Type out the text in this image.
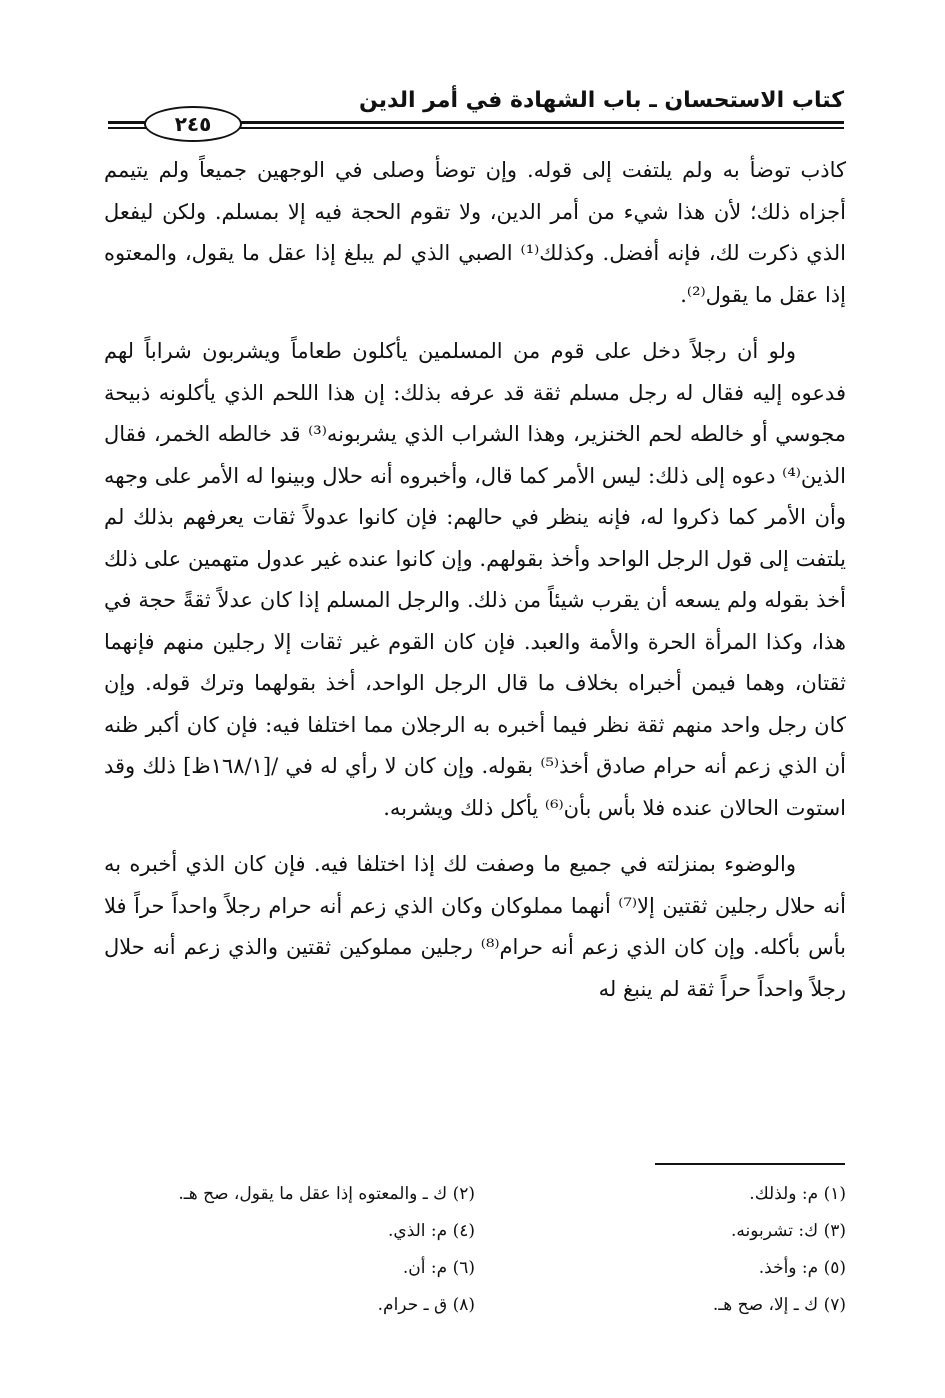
كتاب الاستحسان ـ باب الشهادة في أمر الدين
٢٤٥

كاذب توضأ به ولم يلتفت إلى قوله. وإن توضأ وصلى في الوجهين جميعاً ولم يتيمم أجزاه ذلك؛ لأن هذا شيء من أمر الدين، ولا تقوم الحجة فيه إلا بمسلم. ولكن ليفعل الذي ذكرت لك، فإنه أفضل. وكذلك⁽¹⁾ الصبي الذي لم يبلغ إذا عقل ما يقول، والمعتوه إذا عقل ما يقول⁽²⁾.

ولو أن رجلاً دخل على قوم من المسلمين يأكلون طعاماً ويشربون شراباً لهم فدعوه إليه فقال له رجل مسلم ثقة قد عرفه بذلك: إن هذا اللحم الذي يأكلونه ذبيحة مجوسي أو خالطه لحم الخنزير، وهذا الشراب الذي يشربونه⁽³⁾ قد خالطه الخمر، فقال الذين⁽⁴⁾ دعوه إلى ذلك: ليس الأمر كما قال، وأخبروه أنه حلال وبينوا له الأمر على وجهه وأن الأمر كما ذكروا له، فإنه ينظر في حالهم: فإن كانوا عدولاً ثقات يعرفهم بذلك لم يلتفت إلى قول الرجل الواحد وأخذ بقولهم. وإن كانوا عنده غير عدول متهمين على ذلك أخذ بقوله ولم يسعه أن يقرب شيئاً من ذلك. والرجل المسلم إذا كان عدلاً ثقةً حجة في هذا، وكذا المرأة الحرة والأمة والعبد. فإن كان القوم غير ثقات إلا رجلين منهم فإنهما ثقتان، وهما فيمن أخبراه بخلاف ما قال الرجل الواحد، أخذ بقولهما وترك قوله. وإن كان رجل واحد منهم ثقة نظر فيما أخبره به الرجلان مما اختلفا فيه: فإن كان أكبر ظنه أن الذي زعم أنه حرام صادق أخذ⁽⁵⁾ بقوله. وإن كان لا رأي له في /[١٦٨/١ظ] ذلك وقد استوت الحالان عنده فلا بأس بأن⁽⁶⁾ يأكل ذلك ويشربه.

والوضوء بمنزلته في جميع ما وصفت لك إذا اختلفا فيه. فإن كان الذي أخبره به أنه حلال رجلين ثقتين إلا⁽⁷⁾ أنهما مملوكان وكان الذي زعم أنه حرام رجلاً واحداً حراً فلا بأس بأكله. وإن كان الذي زعم أنه حرام⁽⁸⁾ رجلين مملوكين ثقتين والذي زعم أنه حلال رجلاً واحداً حراً ثقة لم ينبغ له

(١) م: ولذلك.
(٢) ك ـ والمعتوه إذا عقل ما يقول، صح هـ.
(٣) ك: تشربونه.
(٤) م: الذي.
(٥) م: وأخذ.
(٦) م: أن.
(٧) ك ـ إلا، صح هـ.
(٨) ق ـ حرام.
